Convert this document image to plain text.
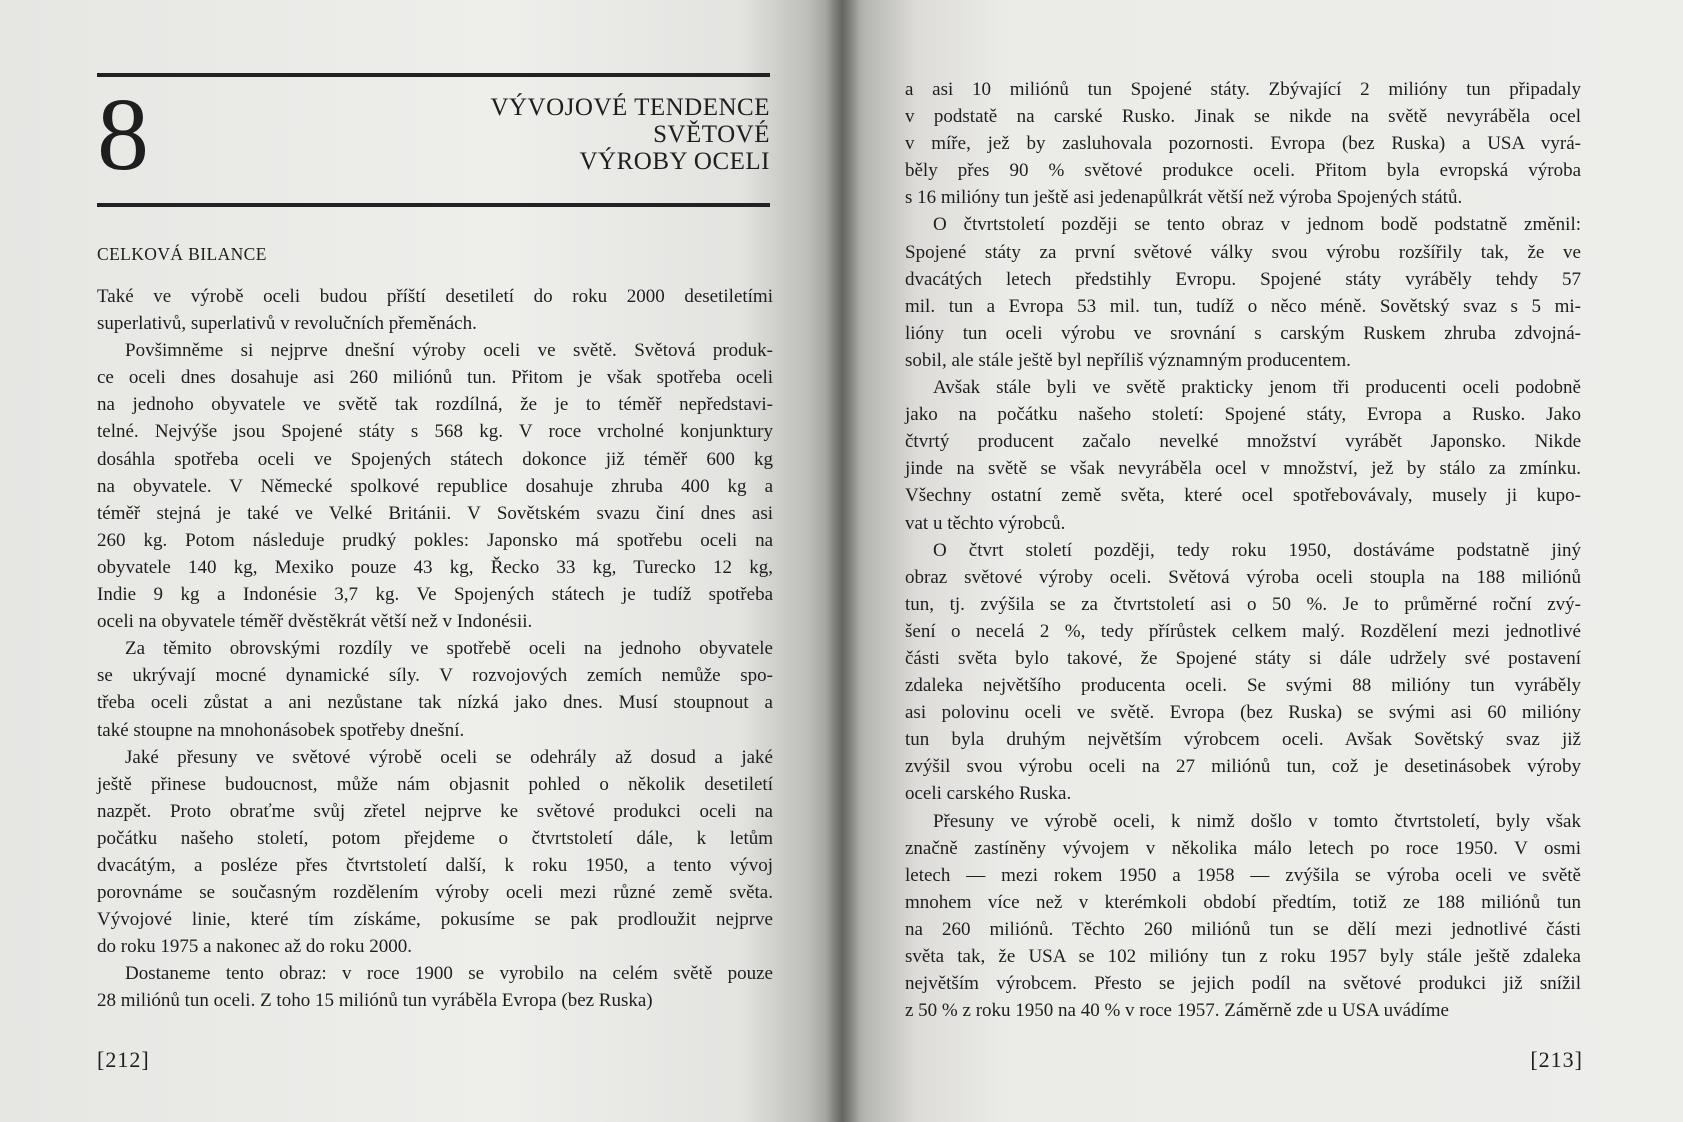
8	VÝVOJOVÉ TENDENCE
SVĚTOVÉ
VÝROBY OCELI
CELKOVÁ BILANCE
Také ve výrobě oceli budou příští desetiletí do roku 2000 desetiletími
superlativů, superlativů v revolučních přeměnách.
Povšimněme si nejprve dnešní výroby oceli ve světě. Světová produk-
ce oceli dnes dosahuje asi 260 miliónů tun. Přitom je však spotřeba oceli
na jednoho obyvatele ve světě tak rozdílná, že je to téměř nepředstavi-
telné. Nejvýše jsou Spojené státy s 568 kg. V roce vrcholné konjunktury
dosáhla spotřeba oceli ve Spojených státech dokonce již téměř 600 kg
na obyvatele. V Německé spolkové republice dosahuje zhruba 400 kg a
téměř stejná je také ve Velké Británii. V Sovětském svazu činí dnes asi
260 kg. Potom následuje prudký pokles: Japonsko má spotřebu oceli na
obyvatele 140 kg, Mexiko pouze 43 kg, Řecko 33 kg, Turecko 12 kg,
Indie 9 kg a Indonésie 3,7 kg. Ve Spojených státech je tudíž spotřeba
oceli na obyvatele téměř dvěstěkrát větší než v Indonésii.
Za těmito obrovskými rozdíly ve spotřebě oceli na jednoho obyvatele
se ukrývají mocné dynamické síly. V rozvojových zemích nemůže spo-
třeba oceli zůstat a ani nezůstane tak nízká jako dnes. Musí stoupnout a
také stoupne na mnohonásobek spotřeby dnešní.
Jaké přesuny ve světové výrobě oceli se odehrály až dosud a jaké
ještě přinese budoucnost, může nám objasnit pohled o několik desetiletí
nazpět. Proto obraťme svůj zřetel nejprve ke světové produkci oceli na
počátku našeho století, potom přejdeme o čtvrtstoletí dále, k letům
dvacátým, a posléze přes čtvrtstoletí další, k roku 1950, a tento vývoj
porovnáme se současným rozdělením výroby oceli mezi různé země světa.
Vývojové linie, které tím získáme, pokusíme se pak prodloužit nejprve
do roku 1975 a nakonec až do roku 2000.
Dostaneme tento obraz: v roce 1900 se vyrobilo na celém světě pouze
28 miliónů tun oceli. Z toho 15 miliónů tun vyráběla Evropa (bez Ruska)
[212]
a asi 10 miliónů tun Spojené státy. Zbývající 2 milióny tun připadaly
v podstatě na carské Rusko. Jinak se nikde na světě nevyráběla ocel
v míře, jež by zasluhovala pozornosti. Evropa (bez Ruska) a USA vyrá-
běly přes 90 % světové produkce oceli. Přitom byla evropská výroba
s 16 milióny tun ještě asi jedenapůlkrát větší než výroba Spojených států.
O čtvrtstoletí později se tento obraz v jednom bodě podstatně změnil:
Spojené státy za první světové války svou výrobu rozšířily tak, že ve
dvacátých letech předstihly Evropu. Spojené státy vyráběly tehdy 57
mil. tun a Evropa 53 mil. tun, tudíž o něco méně. Sovětský svaz s 5 mi-
lióny tun oceli výrobu ve srovnání s carským Ruskem zhruba zdvojná-
sobil, ale stále ještě byl nepříliš významným producentem.
Avšak stále byli ve světě prakticky jenom tři producenti oceli podobně
jako na počátku našeho století: Spojené státy, Evropa a Rusko. Jako
čtvrtý producent začalo nevelké množství vyrábět Japonsko. Nikde
jinde na světě se však nevyráběla ocel v množství, jež by stálo za zmínku.
Všechny ostatní země světa, které ocel spotřebovávaly, musely ji kupo-
vat u těchto výrobců.
O čtvrt století později, tedy roku 1950, dostáváme podstatně jiný
obraz světové výroby oceli. Světová výroba oceli stoupla na 188 miliónů
tun, tj. zvýšila se za čtvrtstoletí asi o 50 %. Je to průměrné roční zvý-
šení o necelá 2 %, tedy přírůstek celkem malý. Rozdělení mezi jednotlivé
části světa bylo takové, že Spojené státy si dále udržely své postavení
zdaleka největšího producenta oceli. Se svými 88 milióny tun vyráběly
asi polovinu oceli ve světě. Evropa (bez Ruska) se svými asi 60 milióny
tun byla druhým největším výrobcem oceli. Avšak Sovětský svaz již
zvýšil svou výrobu oceli na 27 miliónů tun, což je desetinásobek výroby
oceli carského Ruska.
Přesuny ve výrobě oceli, k nimž došlo v tomto čtvrtstoletí, byly však
značně zastíněny vývojem v několika málo letech po roce 1950. V osmi
letech — mezi rokem 1950 a 1958 — zvýšila se výroba oceli ve světě
mnohem více než v kterémkoli období předtím, totiž ze 188 miliónů tun
na 260 miliónů. Těchto 260 miliónů tun se dělí mezi jednotlivé části
světa tak, že USA se 102 milióny tun z roku 1957 byly stále ještě zdaleka
největším výrobcem. Přesto se jejich podíl na světové produkci již snížil
z 50 % z roku 1950 na 40 % v roce 1957. Záměrně zde u USA uvádíme
[213]
